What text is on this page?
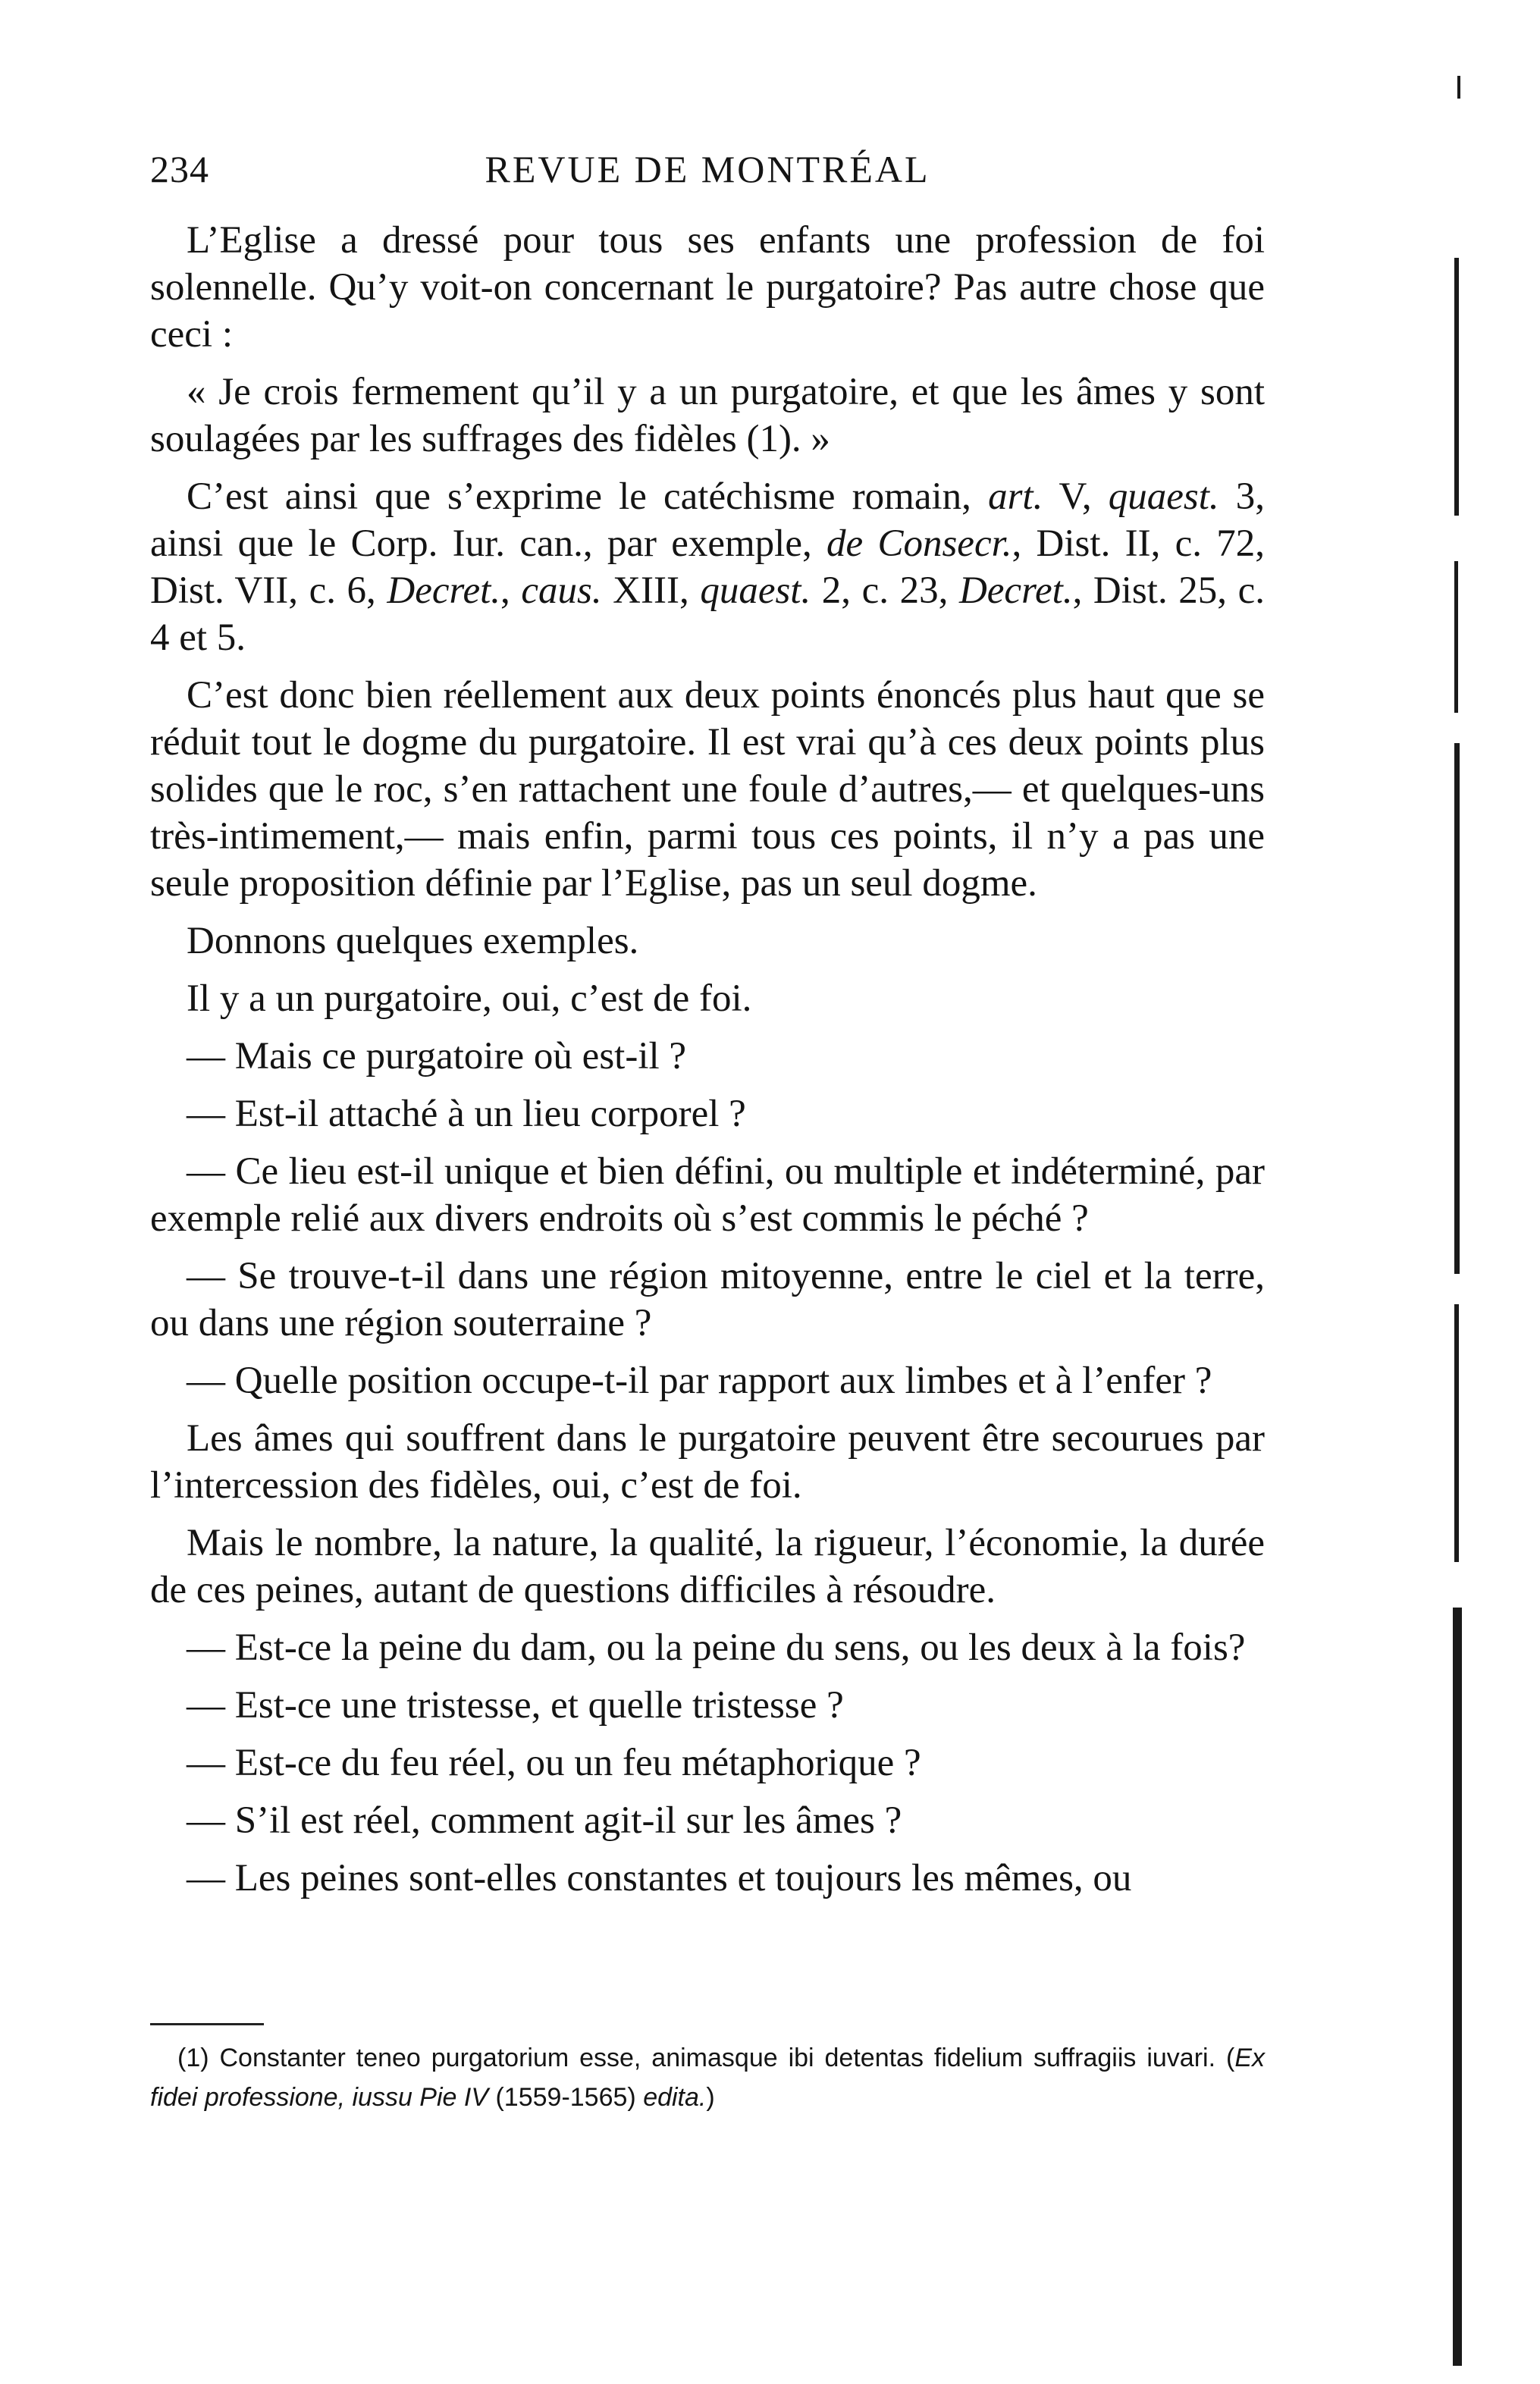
234	REVUE DE MONTRÉAL

L’Eglise a dressé pour tous ses enfants une profession de foi solennelle. Qu’y voit-on concernant le purgatoire? Pas autre chose que ceci :

« Je crois fermement qu’il y a un purgatoire, et que les âmes y sont soulagées par les suffrages des fidèles (1). »

C’est ainsi que s’exprime le catéchisme romain, art. V, quaest. 3, ainsi que le Corp. Iur. can., par exemple, de Consecr., Dist. II, c. 72, Dist. VII, c. 6, Decret., caus. XIII, quaest. 2, c. 23, Decret., Dist. 25, c. 4 et 5.

C’est donc bien réellement aux deux points énoncés plus haut que se réduit tout le dogme du purgatoire. Il est vrai qu’à ces deux points plus solides que le roc, s’en rattachent une foule d’autres,— et quelques-uns très-intimement,— mais enfin, parmi tous ces points, il n’y a pas une seule proposition définie par l’Eglise, pas un seul dogme.

Donnons quelques exemples.

Il y a un purgatoire, oui, c’est de foi.

— Mais ce purgatoire où est-il ?

— Est-il attaché à un lieu corporel ?

— Ce lieu est-il unique et bien défini, ou multiple et indéterminé, par exemple relié aux divers endroits où s’est commis le péché ?

— Se trouve-t-il dans une région mitoyenne, entre le ciel et la terre, ou dans une région souterraine ?

— Quelle position occupe-t-il par rapport aux limbes et à l’enfer ?

Les âmes qui souffrent dans le purgatoire peuvent être secourues par l’intercession des fidèles, oui, c’est de foi.

Mais le nombre, la nature, la qualité, la rigueur, l’économie, la durée de ces peines, autant de questions difficiles à résoudre.

— Est-ce la peine du dam, ou la peine du sens, ou les deux à la fois?

— Est-ce une tristesse, et quelle tristesse ?

— Est-ce du feu réel, ou un feu métaphorique ?

— S’il est réel, comment agit-il sur les âmes ?

— Les peines sont-elles constantes et toujours les mêmes, ou

(1) Constanter teneo purgatorium esse, animasque ibi detentas fidelium suffragiis iuvari. (Ex fidei professione, iussu Pie IV (1559-1565) edita.)
